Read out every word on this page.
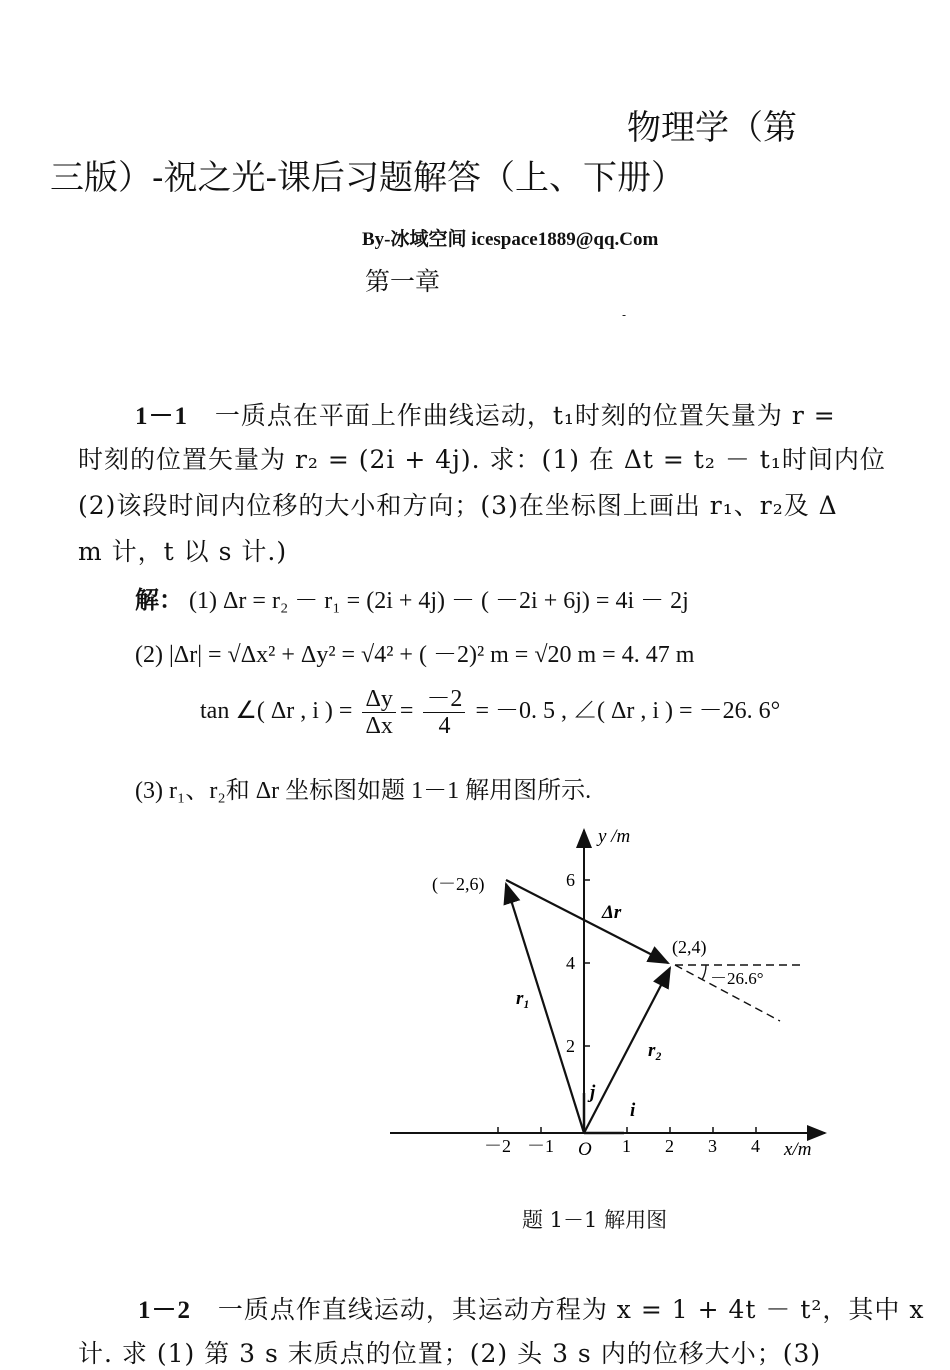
物理学（第
三版）-祝之光-课后习题解答（上、下册）
By-冰域空间 icespace1889@qq.Com
第一章
-
1－1 一质点在平面上作曲线运动，t₁时刻的位置矢量为 r =
时刻的位置矢量为 r₂ = (2i + 4j). 求：(1) 在 Δt = t₂ － t₁时间内位
(2)该段时间内位移的大小和方向；(3)在坐标图上画出 r₁、r₂及 Δ
m 计，t 以 s 计.)
解： (1) Δr = r₂ － r₁ = (2i + 4j) － ( －2i + 6j) = 4i － 2j
(2) |Δr| = √Δx² + Δy² = √4² + ( －2)² m = √20 m = 4. 47 m
tan ∠( Δr , i ) = $\frac{\Delta y}{\Delta x} = \frac{-2}{4} = -0$. 5 , ∠( Δr , i ) = －26. 6°
(3) r₁、r₂和 Δr 坐标图如题 1－1 解用图所示.
y /m
x/m
O
－2 －1	1 2 3 4
2
4
6
(－2,6)
(2,4)
Δr
r₁
r₂
i
j
－26.6°
题 1－1 解用图
1－2 一质点作直线运动，其运动方程为 x = 1 + 4t － t²，其中 x
计. 求 (1) 第 3 s 末质点的位置；(2) 头 3 s 内的位移大小；(3)
